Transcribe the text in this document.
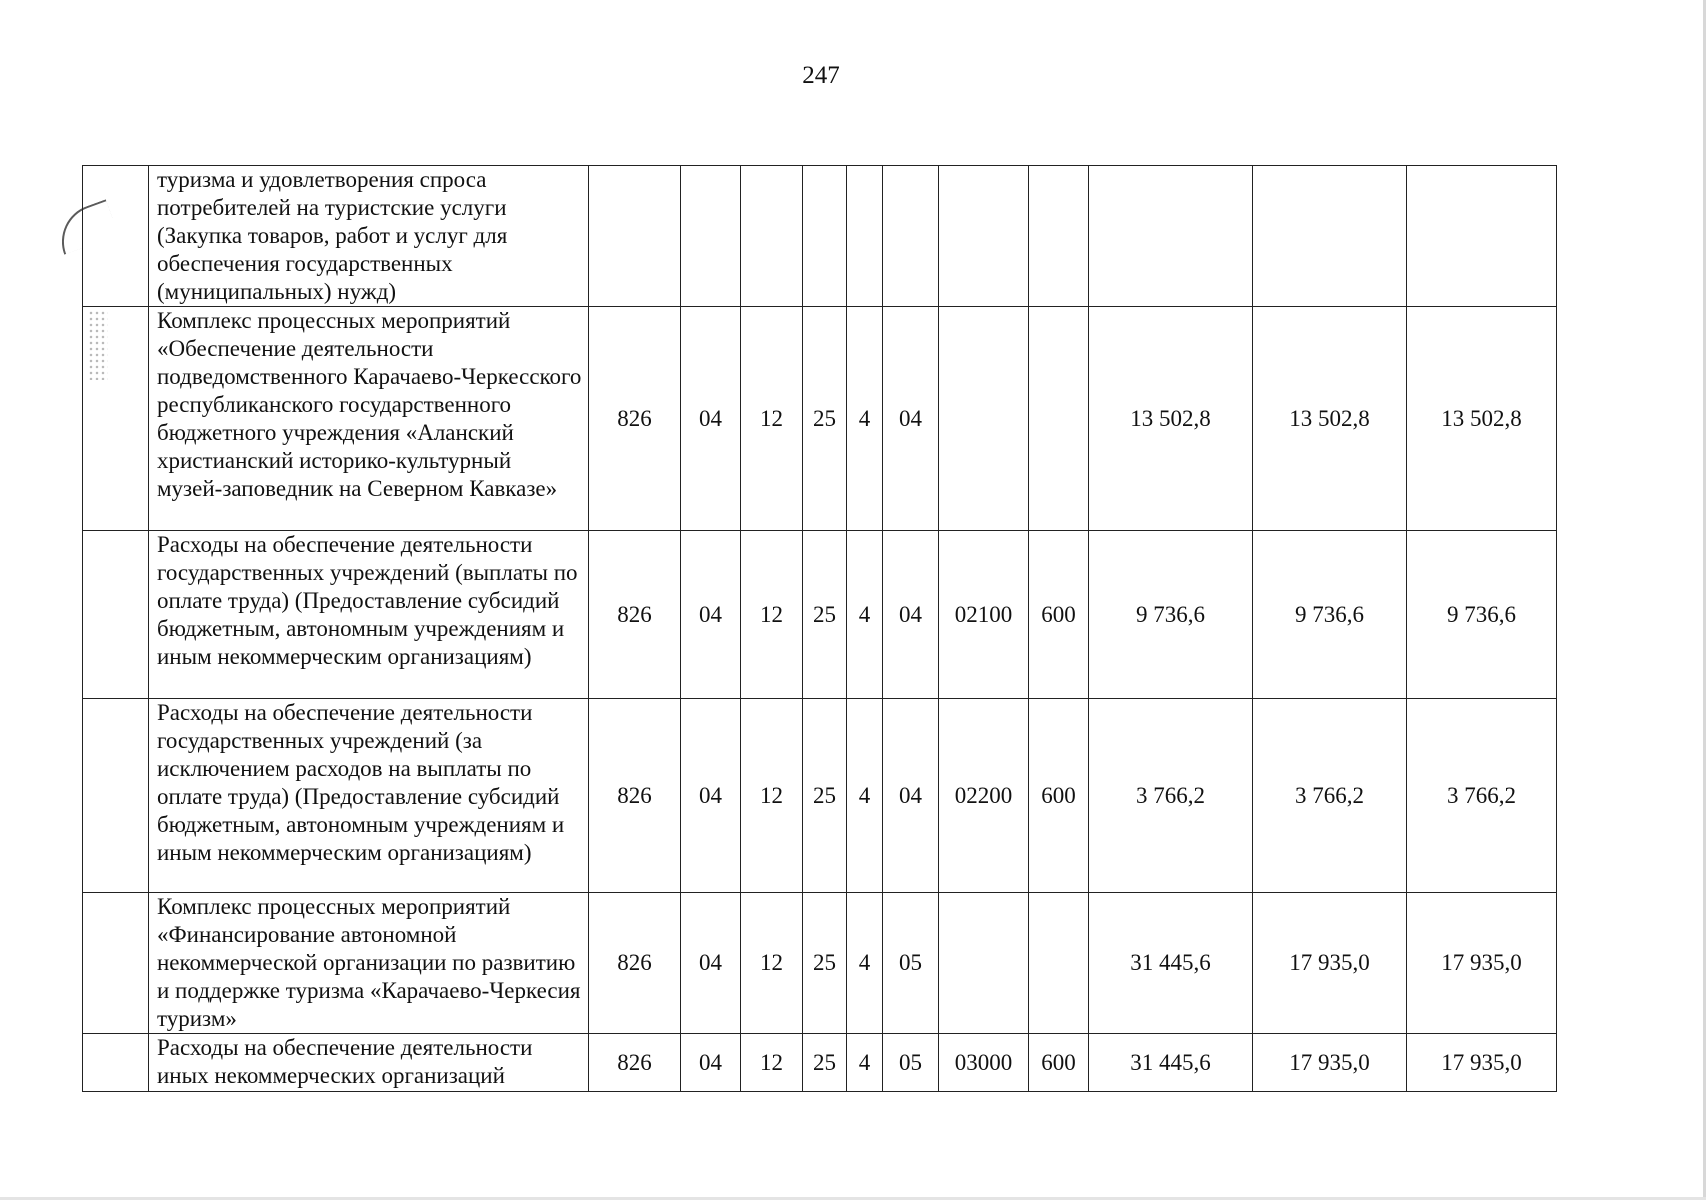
247
	туризма и удовлетворения спроса потребителей на туристские услуги (Закупка товаров, работ и услуг для обеспечения государственных (муниципальных) нужд)											
	Комплекс процессных мероприятий «Обеспечение деятельности подведомственного Карачаево-Черкесского республиканского государственного бюджетного учреждения «Аланский христианский историко-культурный музей-заповедник на Северном Кавказе»	826	04	12	25	4	04			13 502,8	13 502,8	13 502,8
	Расходы на обеспечение деятельности государственных учреждений (выплаты по оплате труда) (Предоставление субсидий бюджетным, автономным учреждениям и иным некоммерческим организациям)	826	04	12	25	4	04	02100	600	9 736,6	9 736,6	9 736,6
	Расходы на обеспечение деятельности государственных учреждений (за исключением расходов на выплаты по оплате труда) (Предоставление субсидий бюджетным, автономным учреждениям и иным некоммерческим организациям)	826	04	12	25	4	04	02200	600	3 766,2	3 766,2	3 766,2
	Комплекс процессных мероприятий «Финансирование автономной некоммерческой организации по развитию и поддержке туризма «Карачаево-Черкесия туризм»	826	04	12	25	4	05			31 445,6	17 935,0	17 935,0
	Расходы на обеспечение деятельности иных некоммерческих организаций	826	04	12	25	4	05	03000	600	31 445,6	17 935,0	17 935,0
